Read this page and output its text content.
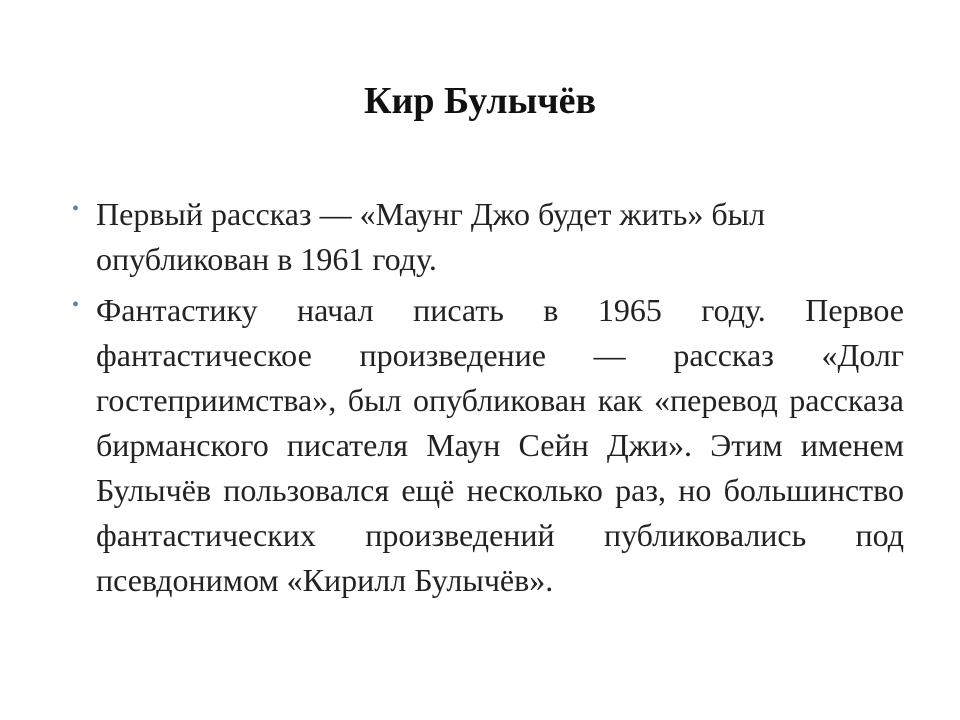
Кир Булычёв
• Первый рассказ — «Маунг Джо будет жить» был опубликован в 1961 году.
• Фантастику начал писать в 1965 году. Первое фантастическое произведение — рассказ «Долг гостеприимства», был опубликован как «перевод рассказа бирманского писателя Маун Сейн Джи». Этим именем Булычёв пользовался ещё несколько раз, но большинство фантастических произведений публиковались под псевдонимом «Кирилл Булычёв».
